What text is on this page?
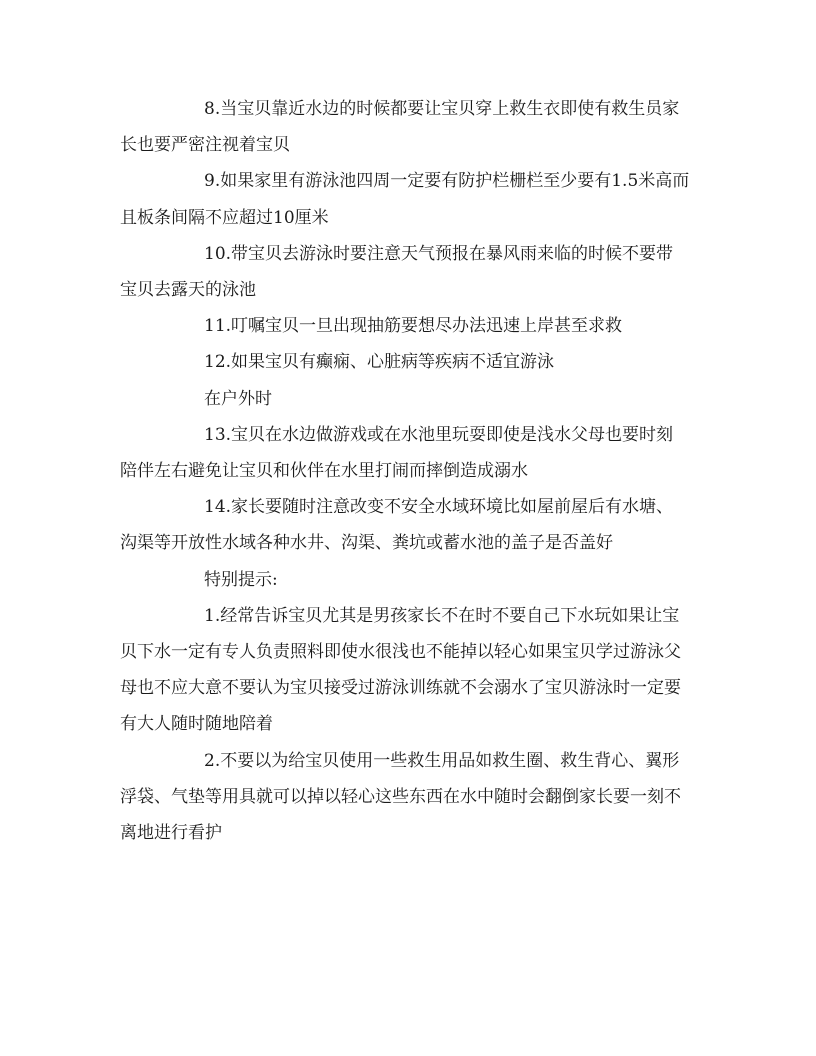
8.当宝贝靠近水边的时候都要让宝贝穿上救生衣即使有救生员家长也要严密注视着宝贝

9.如果家里有游泳池四周一定要有防护栏栅栏至少要有1.5米高而且板条间隔不应超过10厘米

10.带宝贝去游泳时要注意天气预报在暴风雨来临的时候不要带宝贝去露天的泳池

11.叮嘱宝贝一旦出现抽筋要想尽办法迅速上岸甚至求救

12.如果宝贝有癫痫、心脏病等疾病不适宜游泳

在户外时

13.宝贝在水边做游戏或在水池里玩耍即使是浅水父母也要时刻陪伴左右避免让宝贝和伙伴在水里打闹而摔倒造成溺水

14.家长要随时注意改变不安全水域环境比如屋前屋后有水塘、沟渠等开放性水域各种水井、沟渠、粪坑或蓄水池的盖子是否盖好

特别提示:

1.经常告诉宝贝尤其是男孩家长不在时不要自己下水玩如果让宝贝下水一定有专人负责照料即使水很浅也不能掉以轻心如果宝贝学过游泳父母也不应大意不要认为宝贝接受过游泳训练就不会溺水了宝贝游泳时一定要有大人随时随地陪着

2.不要以为给宝贝使用一些救生用品如救生圈、救生背心、翼形浮袋、气垫等用具就可以掉以轻心这些东西在水中随时会翻倒家长要一刻不离地进行看护
